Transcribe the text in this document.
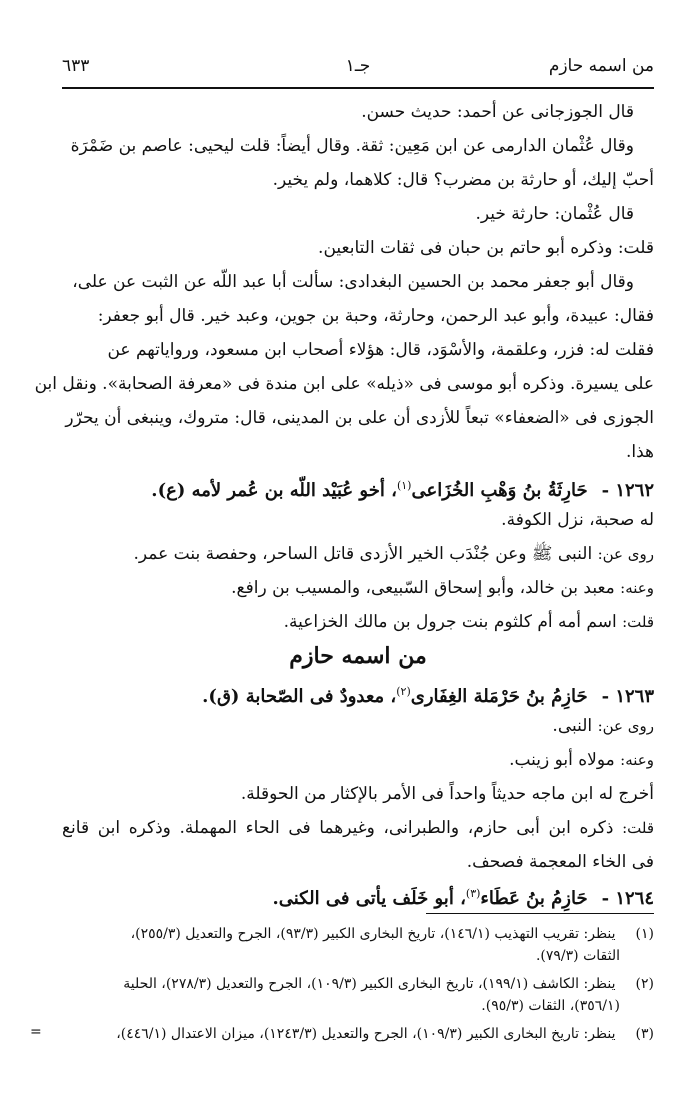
من اسمه حازم
جـ١
٦٣٣
قال الجوزجانى عن أحمد: حديث حسن.
وقال عُثْمان الدارمى عن ابن مَعِين: ثقة. وقال أيضاً: قلت ليحيى: عاصم بن ضَمْرَة
أحبّ إليك، أو حارثة بن مضرب؟ قال: كلاهما، ولم يخير.
قال عُثْمان: حارثة خير.
قلت: وذكره أبو حاتم بن حبان فى ثقات التابعين.
وقال أبو جعفر محمد بن الحسين البغدادى: سألت أبا عبد اللّه عن الثبت عن على،
فقال: عبيدة، وأبو عبد الرحمن، وحارثة، وحبة بن جوين، وعبد خير. قال أبو جعفر:
فقلت له: فزر، وعلقمة، والأسْوَد، قال: هؤلاء أصحاب ابن مسعود، ورواياتهم عن
على يسيرة. وذكره أبو موسى فى «ذيله» على ابن مندة فى «معرفة الصحابة». ونقل ابن
الجوزى فى «الضعفاء» تبعاً للأزدى أن على بن المدينى، قال: متروك، وينبغى أن يحرّر
هذا.
١٢٦٢ -حَارِثَةُ بنُ وَهْبِ الخُزَاعى$^{(١)}$، أخو عُبَيْد اللّه بن عُمر لأمه (ع).
له صحبة، نزل الكوفة.
روى عن: النبى ﷺ وعن جُنْدَب الخير الأزدى قاتل الساحر، وحفصة بنت عمر.
وعنه: معبد بن خالد، وأبو إسحاق السّبيعى، والمسيب بن رافع.
قلت: اسم أمه أم كلثوم بنت جرول بن مالك الخزاعية.
من اسمه حازم
١٢٦٣ -حَازِمُ بنُ حَرْمَلة الغِفَارى$^{(٢)}$، معدودٌ فى الصّحابة (ق).
روى عن: النبى.
وعنه: مولاه أبو زينب.
أخرج له ابن ماجه حديثاً واحداً فى الأمر بالإكثار من الحوقلة.
قلت: ذكره ابن أبى حازم، والطبرانى، وغيرهما فى الحاء المهملة. وذكره ابن قانع
فى الخاء المعجمة فصحف.
١٢٦٤ -حَازِمُ بنُ عَطَاء$^{(٣)}$، أبو خَلَف يأتى فى الكنى.
(١) ينظر: تقريب التهذيب (١٤٦/١)، تاريخ البخارى الكبير (٩٣/٣)، الجرح والتعديل (٢٥٥/٣)،
الثقات (٧٩/٣).
(٢) ينظر: الكاشف (١٩٩/١)، تاريخ البخارى الكبير (١٠٩/٣)، الجرح والتعديل (٢٧٨/٣)، الحلية
(٣٥٦/١)، الثقات (٩٥/٣).
(٣) ينظر: تاريخ البخارى الكبير (١٠٩/٣)، الجرح والتعديل (١٢٤٣/٣)، ميزان الاعتدال (٤٤٦/١)،
=
